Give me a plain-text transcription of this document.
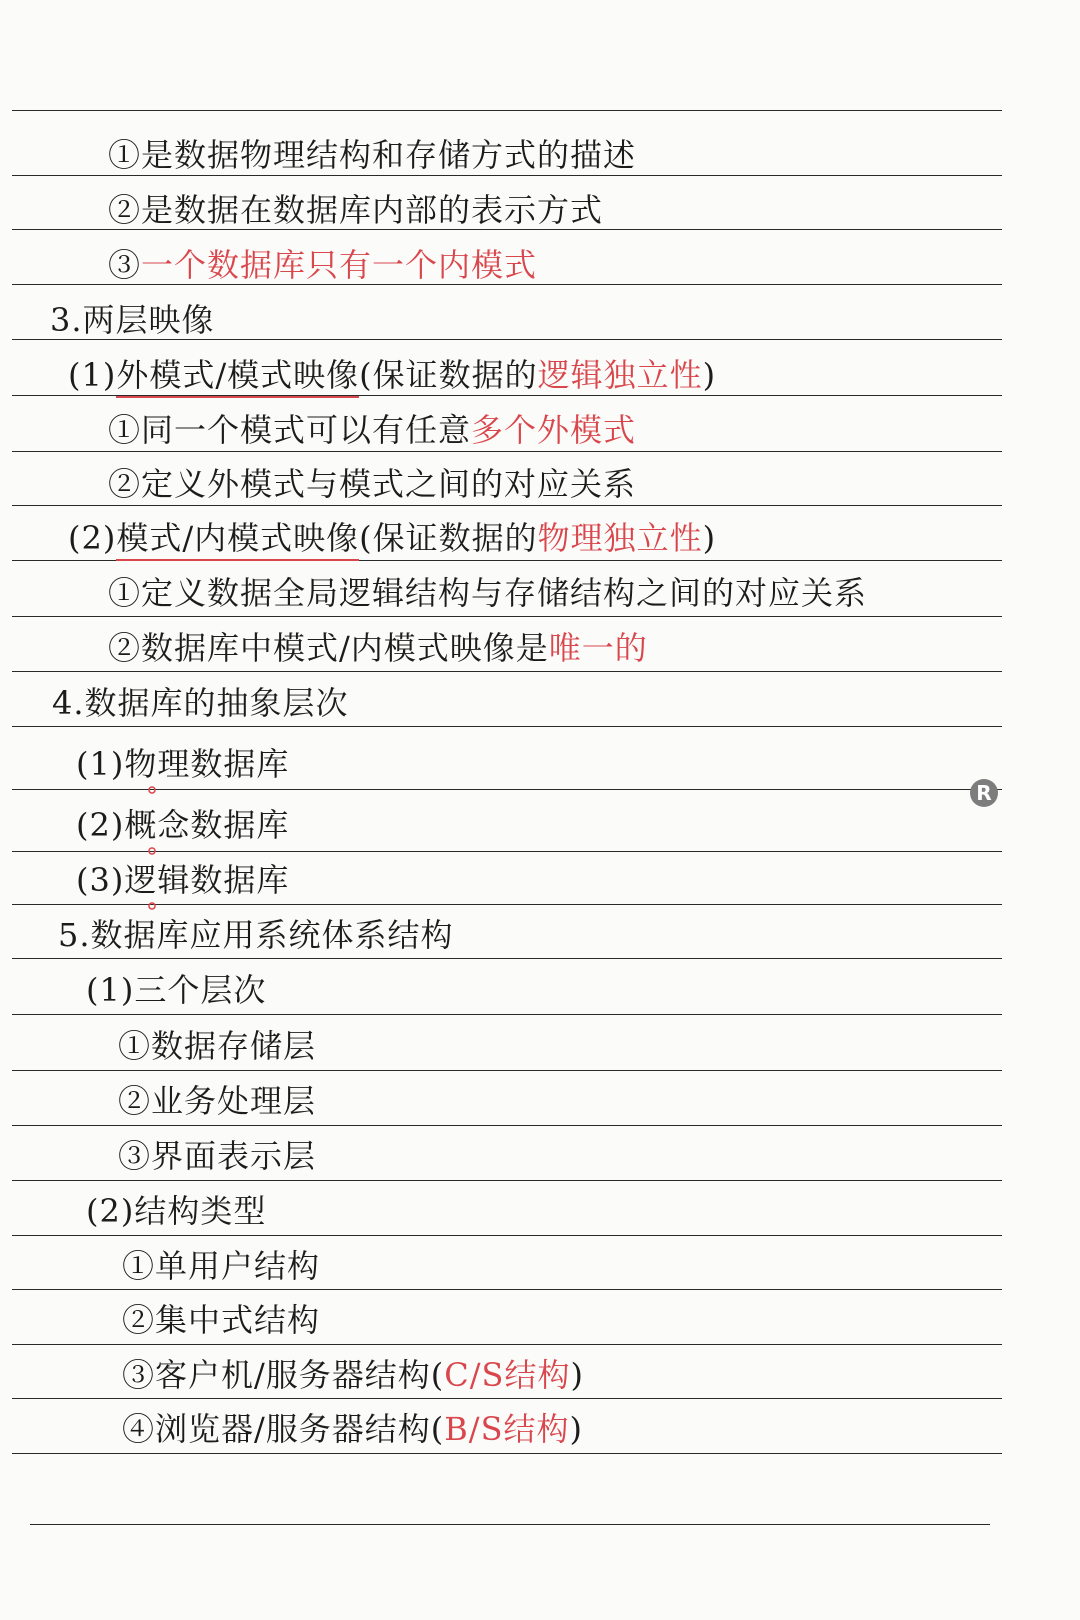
①是数据物理结构和存储方式的描述
②是数据在数据库内部的表示方式
③一个数据库只有一个内模式
3.两层映像
(1)外模式/模式映像(保证数据的逻辑独立性)
①同一个模式可以有任意多个外模式
②定义外模式与模式之间的对应关系
(2)模式/内模式映像(保证数据的物理独立性)
①定义数据全局逻辑结构与存储结构之间的对应关系
②数据库中模式/内模式映像是唯一的
4.数据库的抽象层次
(1)物理数据库
(2)概念数据库
(3)逻辑数据库
5.数据库应用系统体系结构
(1)三个层次
①数据存储层
②业务处理层
③界面表示层
(2)结构类型
①单用户结构
②集中式结构
③客户机/服务器结构(C/S结构)
④浏览器/服务器结构(B/S结构)
R
